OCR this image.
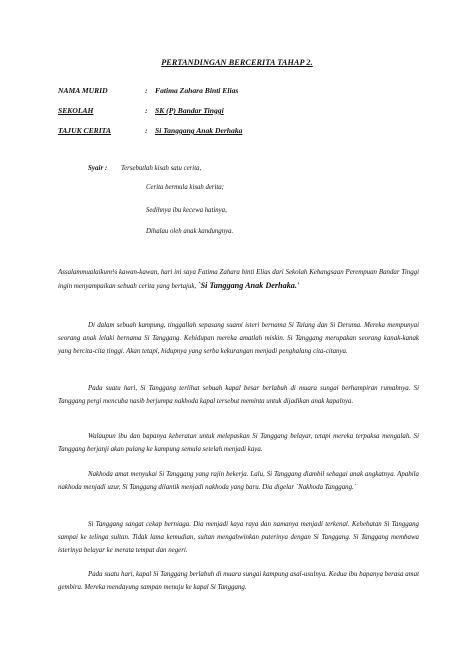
PERTANDINGAN BERCERITA TAHAP 2.
NAMA MURID	: Fatima Zahara Binti Elias
SEKOLAH	: SK (P) Bandar Tinggi
TAJUK CERITA	: Si Tanggang Anak Derhaka
Syair :	Tersebutlah kisah satu cerita,
Cerita bermula kisah derita;
Sedihnya ibu kecewa hatinya,
Dihalau oleh anak kandungnya.
Assalammualaikum¼ kawan-kawan, hari ini saya Fatima Zahara binti Elias dari Sekolah Kebangsaan Perempuan Bandar Tinggi ingin menyampaikan sebuah cerita yang bertajuk, `Si Tanggang Anak Derhaka.'
Di dalam sebuah kampung, tinggallah sepasang suami isteri bernama Si Talang dan Si Deruma. Mereka mempunyai seorang anak lelaki bernama Si Tanggang. Kehidupan mereka amatlah miskin. Si Tanggang merupakan seorang kanak-kanak yang bercita-cita tinggi. Akan tetapi, hidupnya yang serba kekurangan menjadi penghalang cita-citanya.
Pada suatu hari, Si Tanggang terlihat sebuah kapal besar berlabuh di muara sungai berhampiran rumahnya. Si Tanggang pergi mencuba nasib berjumpa nakhoda kapal tersebut meminta untuk dijadikan anak kapalnya.
Walaupun ibu dan bapanya keberatan untuk melepaskan Si Tanggang belayar, tetapi mereka terpaksa mengalah. Si Tanggang berjanji akan pulang ke kampung semula setelah menjadi kaya.
Nakhoda amat menyukai Si Tanggang yang rajin bekerja. Lalu, Si Tanggang diambil sebagai anak angkatnya. Apabila nakhoda menjadi uzur, Si Tanggang dilantik menjadi nakhoda yang baru. Dia digelar `Nakhoda Tanggang.`
Si Tanggang sangat cekap berniaga. Dia menjadi kaya raya dan namanya menjadi terkenal. Kehebatan Si Tanggang sampai ke telinga sultan. Tidak lama kemudian, sultan mengahwinkan puterinya dengan Si Tanggang. Si Tanggang membawa isterinya belayar ke merata tempat dan negeri.
Pada suatu hari, kapal Si Tanggang berlabuh di muara sungai kampung asal-usulnya. Kedua ibu bapanya berasa amat gembira. Mereka mendayung sampan menuju ke kapal Si Tanggang.
